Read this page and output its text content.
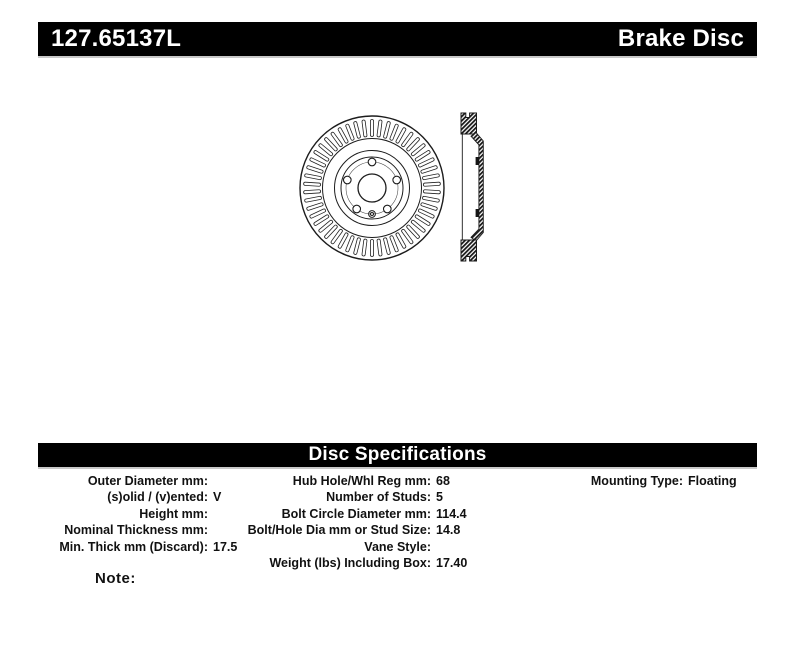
127.65137L	Brake Disc
Disc Specifications
Outer Diameter mm:
(s)olid / (v)ented: V
Height mm:
Nominal Thickness mm:
Min. Thick mm (Discard): 17.5
Hub Hole/Whl Reg mm: 68
Number of Studs: 5
Bolt Circle Diameter mm: 114.4
Bolt/Hole Dia mm or Stud Size: 14.8
Vane Style:
Weight (lbs) Including Box: 17.40
Mounting Type: Floating
Note:
